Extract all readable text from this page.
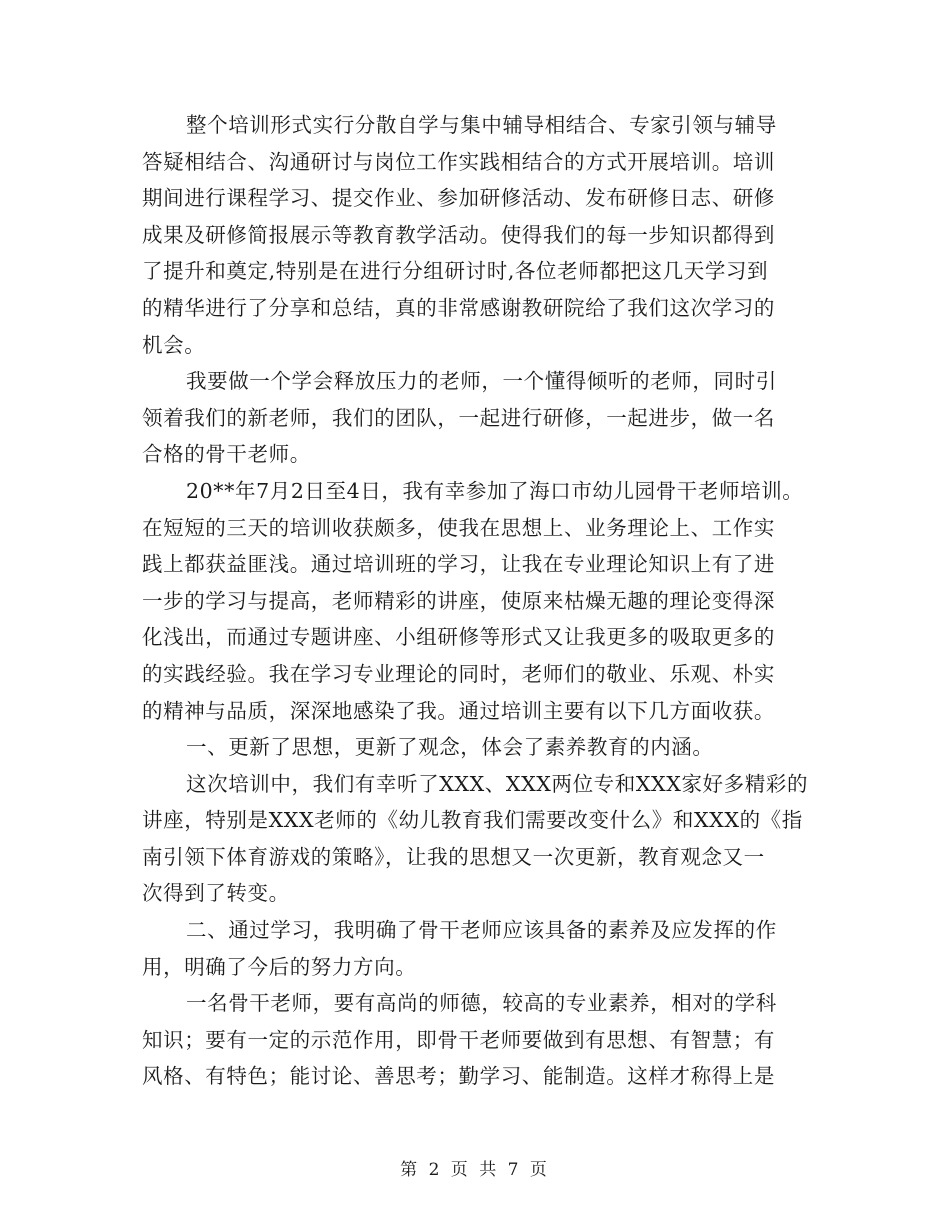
整个培训形式实行分散自学与集中辅导相结合、专家引领与辅导
答疑相结合、沟通研讨与岗位工作实践相结合的方式开展培训。培训
期间进行课程学习、提交作业、参加研修活动、发布研修日志、研修
成果及研修简报展示等教育教学活动。使得我们的每一步知识都得到
了提升和奠定,特别是在进行分组研讨时,各位老师都把这几天学习到
的精华进行了分享和总结，真的非常感谢教研院给了我们这次学习的
机会。
我要做一个学会释放压力的老师，一个懂得倾听的老师，同时引
领着我们的新老师，我们的团队，一起进行研修，一起进步，做一名
合格的骨干老师。
20**年7月2日至4日，我有幸参加了海口市幼儿园骨干老师培训。
在短短的三天的培训收获颇多，使我在思想上、业务理论上、工作实
践上都获益匪浅。通过培训班的学习，让我在专业理论知识上有了进
一步的学习与提高，老师精彩的讲座，使原来枯燥无趣的理论变得深
化浅出，而通过专题讲座、小组研修等形式又让我更多的吸取更多的
的实践经验。我在学习专业理论的同时，老师们的敬业、乐观、朴实
的精神与品质，深深地感染了我。通过培训主要有以下几方面收获。
一、更新了思想，更新了观念，体会了素养教育的内涵。
这次培训中，我们有幸听了XXX、XXX两位专和XXX家好多精彩的
讲座，特别是XXX老师的《幼儿教育我们需要改变什么》和XXX的《指
南引领下体育游戏的策略》，让我的思想又一次更新，教育观念又一
次得到了转变。
二、通过学习，我明确了骨干老师应该具备的素养及应发挥的作
用，明确了今后的努力方向。
一名骨干老师，要有高尚的师德，较高的专业素养，相对的学科
知识；要有一定的示范作用，即骨干老师要做到有思想、有智慧；有
风格、有特色；能讨论、善思考；勤学习、能制造。这样才称得上是
第 2 页 共 7 页
